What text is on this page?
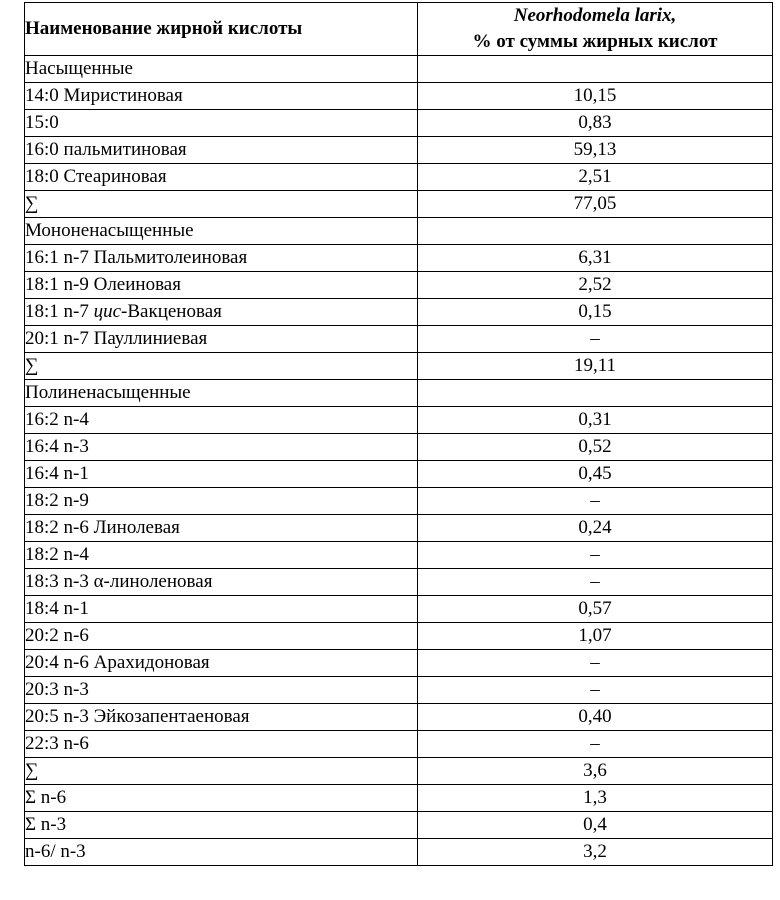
Наименование жирной кислоты	Neorhodomela larix,
% от суммы жирных кислот

Насыщенные	
14:0 Миристиновая	10,15
15:0	0,83
16:0 пальмитиновая	59,13
18:0 Стеариновая	2,51
∑	77,05
Мононенасыщенные	
16:1 n-7 Пальмитолеиновая	6,31
18:1 n-9 Олеиновая	2,52
18:1 n-7 цис-Вакценовая	0,15
20:1 n-7 Пауллиниевая	–
∑	19,11
Полиненасыщенные	
16:2 n-4	0,31
16:4 n-3	0,52
16:4 n-1	0,45
18:2 n-9	–
18:2 n-6 Линолевая	0,24
18:2 n-4	–
18:3 n-3 α-линоленовая	–
18:4 n-1	0,57
20:2 n-6	1,07
20:4 n-6 Арахидоновая	–
20:3 n-3	–
20:5 n-3 Эйкозапентаеновая	0,40
22:3 n-6	–
∑	3,6
Σ n-6	1,3
Σ n-3	0,4
n-6/ n-3	3,2
